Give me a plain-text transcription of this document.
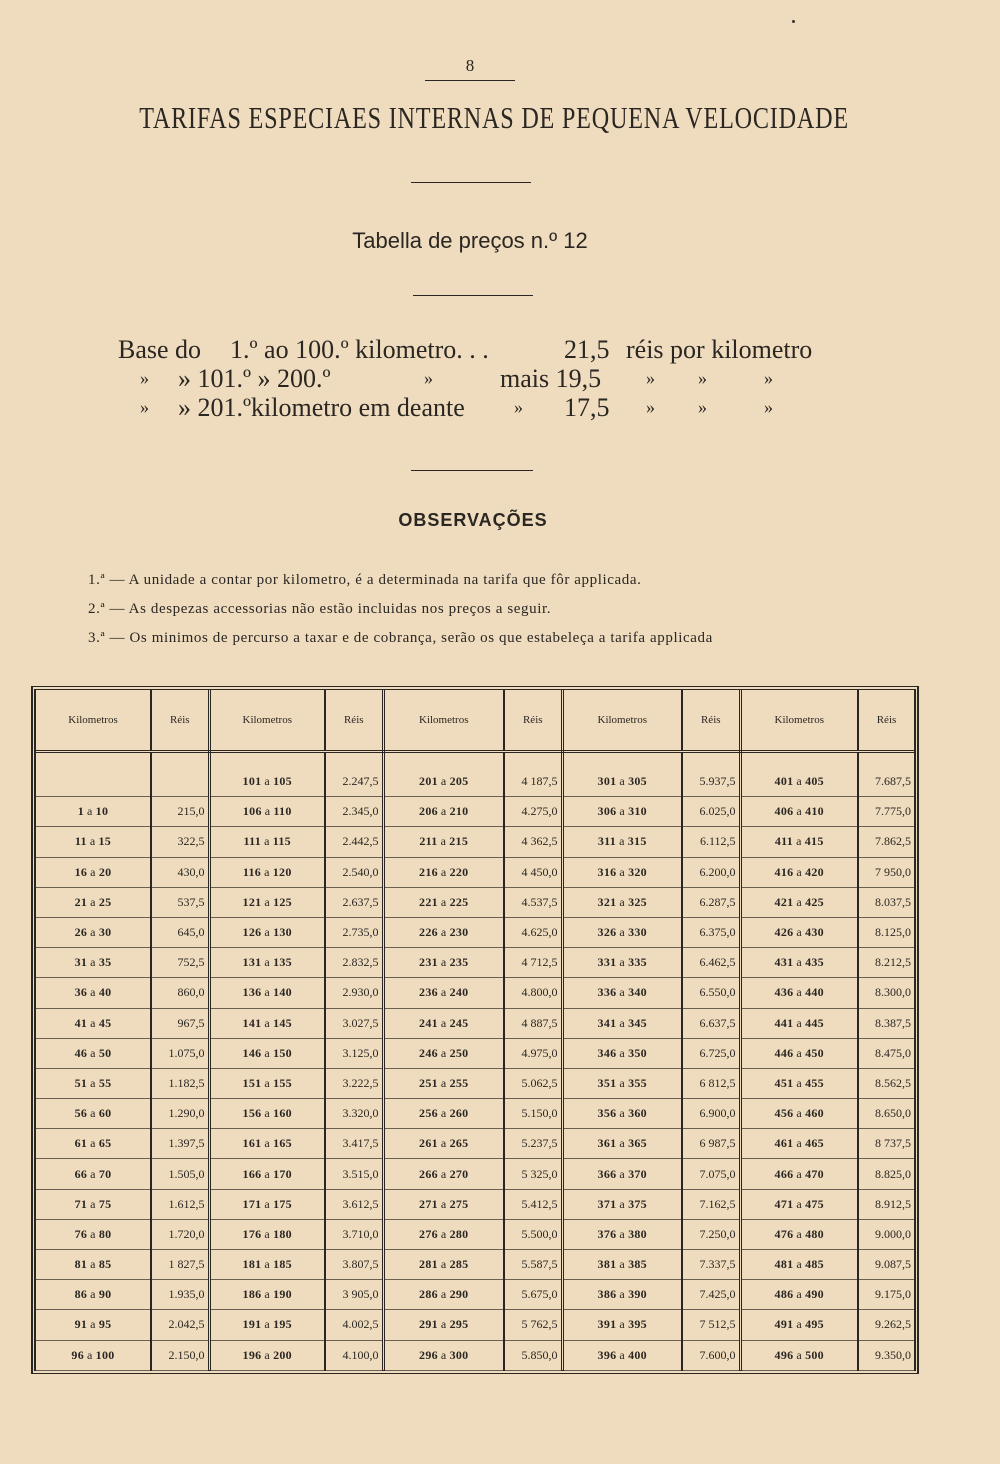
8
TARIFAS ESPECIAES INTERNAS DE PEQUENA VELOCIDADE
Tabella de preços n.º 12
Base do 1.º ao 100.º kilometro. . .	21,5 réis por kilometro
» » 101.º » 200.º	»	mais 19,5 » »	»
» » 201.ºkilometro em deante	» 17,5 » »	»
OBSERVAÇÕES
1.ª — A unidade a contar por kilometro, é a determinada na tarifa que fôr applicada.
2.ª — As despezas accessorias não estão incluidas nos preços a seguir.
3.ª — Os minimos de percurso a taxar e de cobrança, serão os que estabeleça a tarifa applicada
Kilometros	Réis	Kilometros	Réis	Kilometros	Réis	Kilometros	Réis	Kilometros	Réis

		101 a 105	2.247,5	201 a 205	4 187,5	301 a 305	5.937,5	401 a 405	7.687,5
1 a 10	215,0	106 a 110	2.345,0	206 a 210	4.275,0	306 a 310	6.025,0	406 a 410	7.775,0
11 a 15	322,5	111 a 115	2.442,5	211 a 215	4 362,5	311 a 315	6.112,5	411 a 415	7.862,5
16 a 20	430,0	116 a 120	2.540,0	216 a 220	4 450,0	316 a 320	6.200,0	416 a 420	7 950,0
21 a 25	537,5	121 a 125	2.637,5	221 a 225	4.537,5	321 a 325	6.287,5	421 a 425	8.037,5
26 a 30	645,0	126 a 130	2.735,0	226 a 230	4.625,0	326 a 330	6.375,0	426 a 430	8.125,0
31 a 35	752,5	131 a 135	2.832,5	231 a 235	4 712,5	331 a 335	6.462,5	431 a 435	8.212,5
36 a 40	860,0	136 a 140	2.930,0	236 a 240	4.800,0	336 a 340	6.550,0	436 a 440	8.300,0
41 a 45	967,5	141 a 145	3.027,5	241 a 245	4 887,5	341 a 345	6.637,5	441 a 445	8.387,5
46 a 50	1.075,0	146 a 150	3.125,0	246 a 250	4.975,0	346 a 350	6.725,0	446 a 450	8.475,0
51 a 55	1.182,5	151 a 155	3.222,5	251 a 255	5.062,5	351 a 355	6 812,5	451 a 455	8.562,5
56 a 60	1.290,0	156 a 160	3.320,0	256 a 260	5.150,0	356 a 360	6.900,0	456 a 460	8.650,0
61 a 65	1.397,5	161 a 165	3.417,5	261 a 265	5.237,5	361 a 365	6 987,5	461 a 465	8 737,5
66 a 70	1.505,0	166 a 170	3.515,0	266 a 270	5 325,0	366 a 370	7.075,0	466 a 470	8.825,0
71 a 75	1.612,5	171 a 175	3.612,5	271 a 275	5.412,5	371 a 375	7.162,5	471 a 475	8.912,5
76 a 80	1.720,0	176 a 180	3.710,0	276 a 280	5.500,0	376 a 380	7.250,0	476 a 480	9.000,0
81 a 85	1 827,5	181 a 185	3.807,5	281 a 285	5.587,5	381 a 385	7.337,5	481 a 485	9.087,5
86 a 90	1.935,0	186 a 190	3 905,0	286 a 290	5.675,0	386 a 390	7.425,0	486 a 490	9.175,0
91 a 95	2.042,5	191 a 195	4.002,5	291 a 295	5 762,5	391 a 395	7 512,5	491 a 495	9.262,5
96 a 100	2.150,0	196 a 200	4.100,0	296 a 300	5.850,0	396 a 400	7.600,0	496 a 500	9.350,0
